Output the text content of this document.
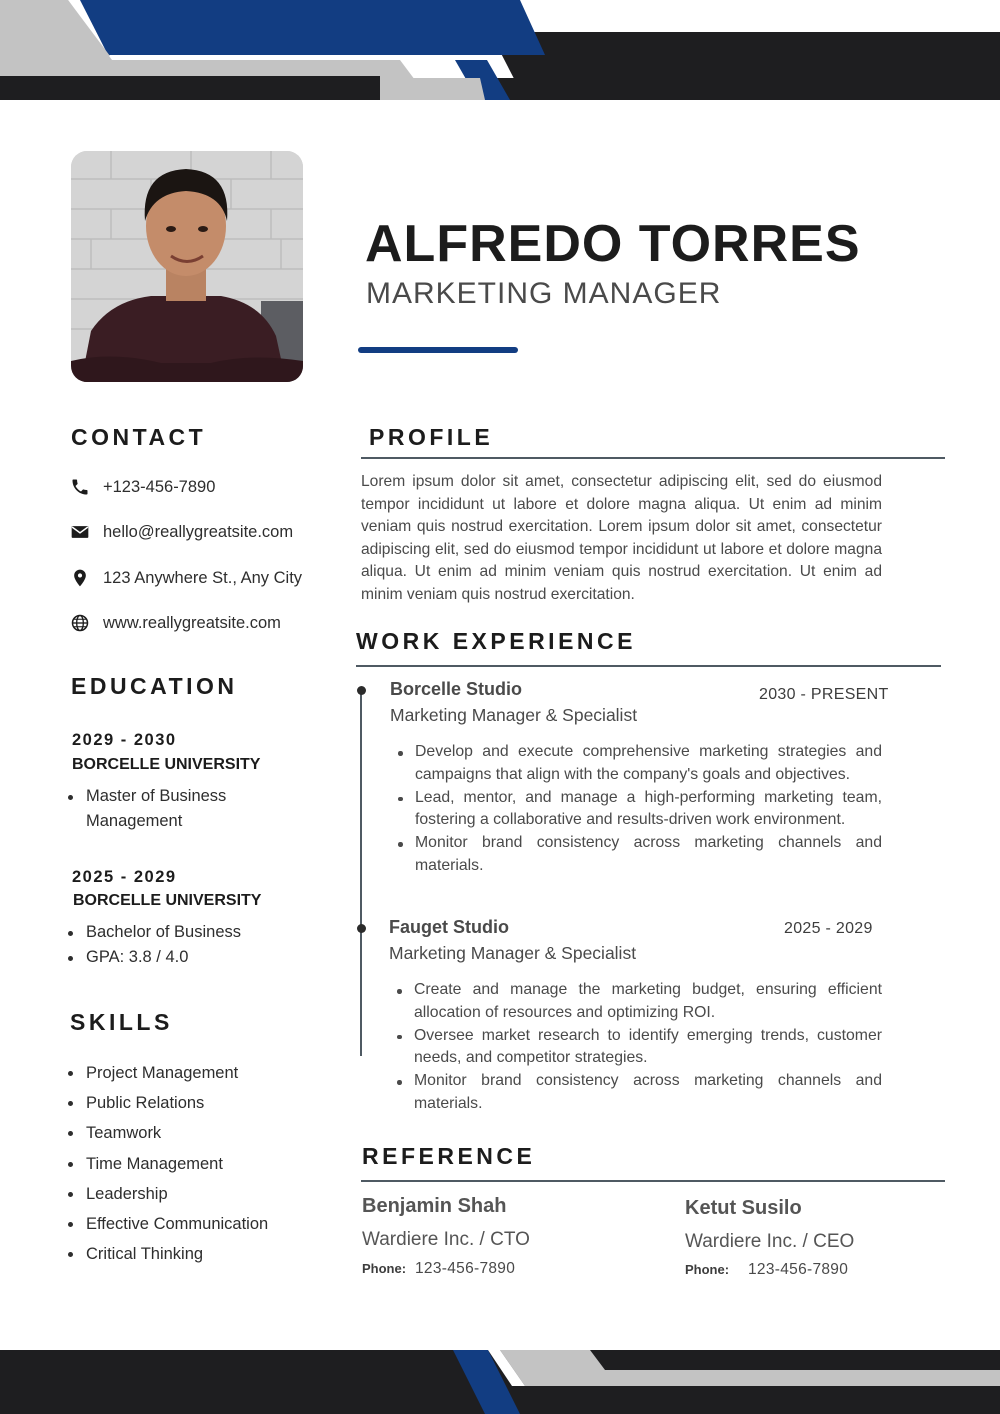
ALFREDO TORRES
MARKETING MANAGER
CONTACT
+123-456-7890
hello@reallygreatsite.com
123 Anywhere St., Any City
www.reallygreatsite.com
EDUCATION
2029 - 2030
BORCELLE UNIVERSITY
Master of Business Management
2025 - 2029
BORCELLE UNIVERSITY
Bachelor of Business
GPA: 3.8 / 4.0
SKILLS
Project Management
Public Relations
Teamwork
Time Management
Leadership
Effective Communication
Critical Thinking
PROFILE
Lorem ipsum dolor sit amet, consectetur adipiscing elit, sed do eiusmod tempor incididunt ut labore et dolore magna aliqua. Ut enim ad minim veniam quis nostrud exercitation. Lorem ipsum dolor sit amet, consectetur adipiscing elit, sed do eiusmod tempor incididunt ut labore et dolore magna aliqua. Ut enim ad minim veniam quis nostrud exercitation. Ut enim ad minim veniam quis nostrud exercitation.
WORK EXPERIENCE
Borcelle Studio	2030 - PRESENT
Marketing Manager & Specialist
Develop and execute comprehensive marketing strategies and campaigns that align with the company's goals and objectives.
Lead, mentor, and manage a high-performing marketing team, fostering a collaborative and results-driven work environment.
Monitor brand consistency across marketing channels and materials.
Fauget Studio	2025 - 2029
Marketing Manager & Specialist
Create and manage the marketing budget, ensuring efficient allocation of resources and optimizing ROI.
Oversee market research to identify emerging trends, customer needs, and competitor strategies.
Monitor brand consistency across marketing channels and materials.
REFERENCE
Benjamin Shah
Wardiere Inc. / CTO
Phone: 123-456-7890
Ketut Susilo
Wardiere Inc. / CEO
Phone: 123-456-7890
